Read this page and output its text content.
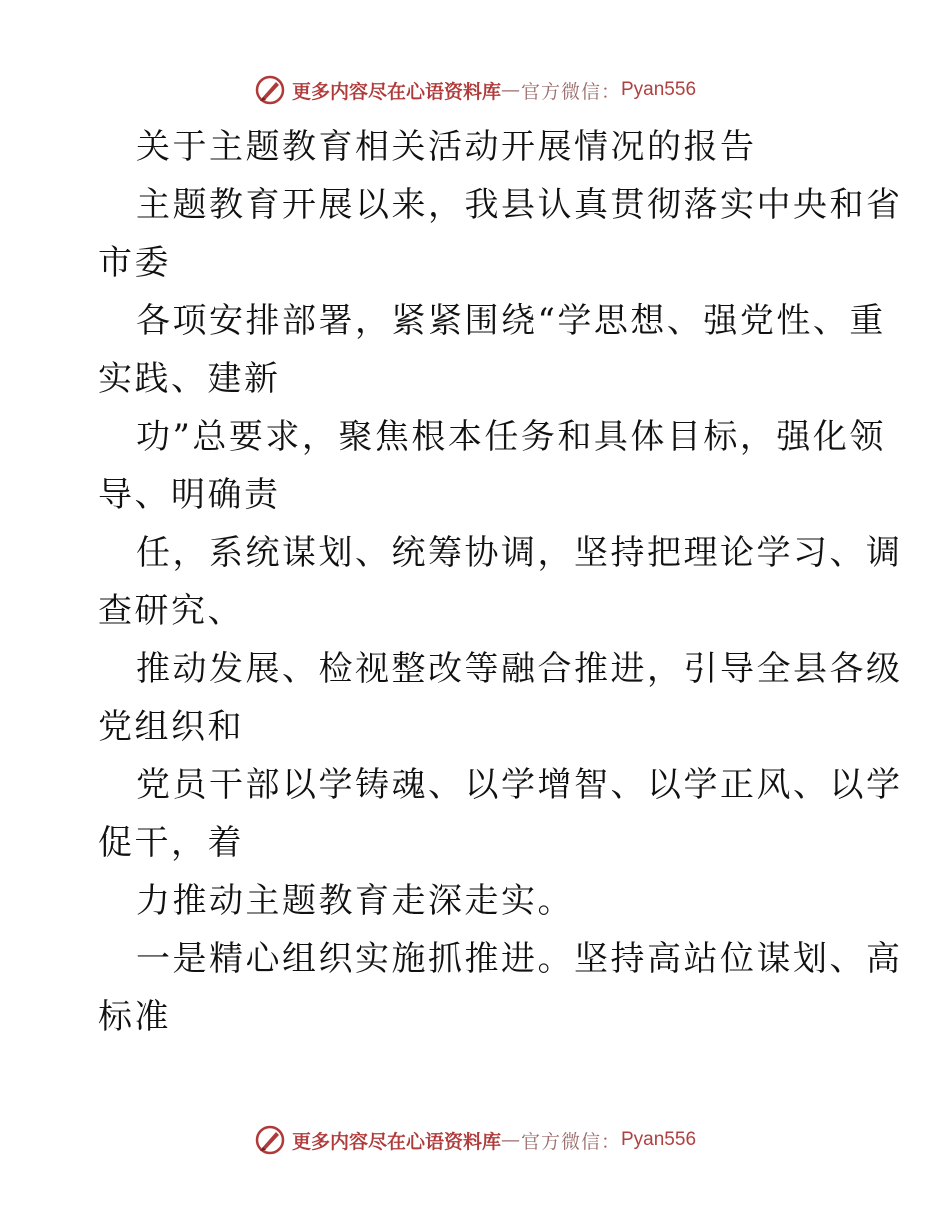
更多内容尽在心语资料库 — 官方微信： Pyan556
关于主题教育相关活动开展情况的报告
主题教育开展以来，我县认真贯彻落实中央和省
市委
各项安排部署，紧紧围绕“学思想、强党性、重
实践、建新
功”总要求，聚焦根本任务和具体目标，强化领
导、明确责
任，系统谋划、统筹协调，坚持把理论学习、调
查研究、
推动发展、检视整改等融合推进，引导全县各级
党组织和
党员干部以学铸魂、以学增智、以学正风、以学
促干，着
力推动主题教育走深走实。
一是精心组织实施抓推进。坚持高站位谋划、高
标准
更多内容尽在心语资料库 — 官方微信： Pyan556
